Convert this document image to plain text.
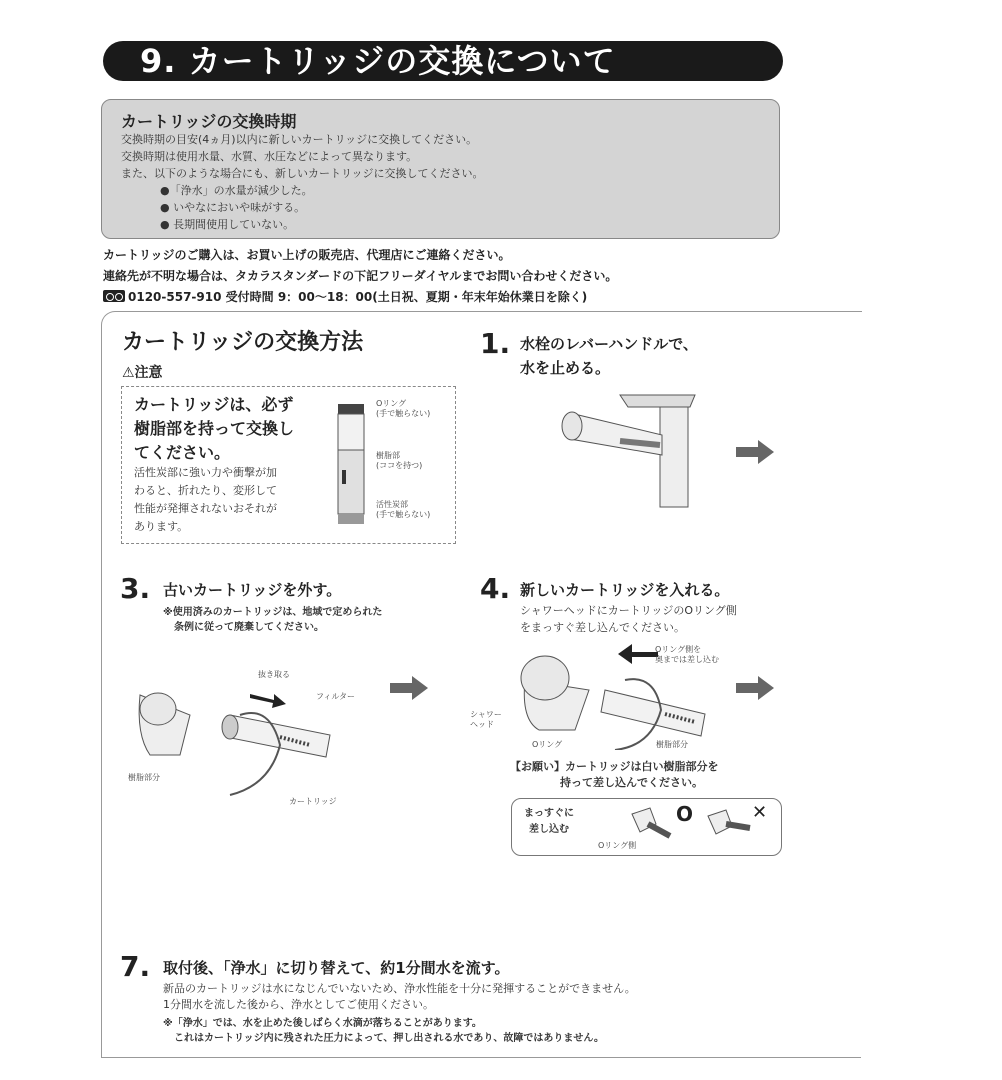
9. カートリッジの交換について
カートリッジの交換時期
交換時期の目安(4ヵ月)以内に新しいカートリッジに交換してください。
交換時期は使用水量、水質、水圧などによって異なります。
また、以下のような場合にも、新しいカートリッジに交換してください。
●「浄水」の水量が減少した。
● いやなにおいや味がする。
● 長期間使用していない。
カートリッジのご購入は、お買い上げの販売店、代理店にご連絡ください。
連絡先が不明な場合は、タカラスタンダードの下記フリーダイヤルまでお問い合わせください。
0120-557-910 受付時間 9：00～18：00(土日祝、夏期・年末年始休業日を除く)
カートリッジの交換方法
⚠注意
カートリッジは、必ず
樹脂部を持って交換し
てください。
活性炭部に強い力や衝撃が加
わると、折れたり、変形して
性能が発揮されないおそれが
あります。
Oリング
(手で触らない)
樹脂部
(ココを持つ)
活性炭部
(手で触らない)
1. 水栓のレバーハンドルで、
水を止める。
3. 古いカートリッジを外す。
※使用済みのカートリッジは、地域で定められた
条例に従って廃棄してください。
抜き取る
フィルター
樹脂部分
カートリッジ
4. 新しいカートリッジを入れる。
シャワーヘッドにカートリッジのOリング側
をまっすぐ差し込んでください。
Oリング側を
奥までは差し込む
シャワー
ヘッド
Oリング	樹脂部分
【お願い】カートリッジは白い樹脂部分を
持って差し込んでください。
まっすぐに
差し込む
O	✕
Oリング側
7. 取付後、「浄水」に切り替えて、約1分間水を流す。
新品のカートリッジは水になじんでいないため、浄水性能を十分に発揮することができません。
1分間水を流した後から、浄水としてご使用ください。
※「浄水」では、水を止めた後しばらく水滴が落ちることがあります。
これはカートリッジ内に残された圧力によって、押し出される水であり、故障ではありません。
